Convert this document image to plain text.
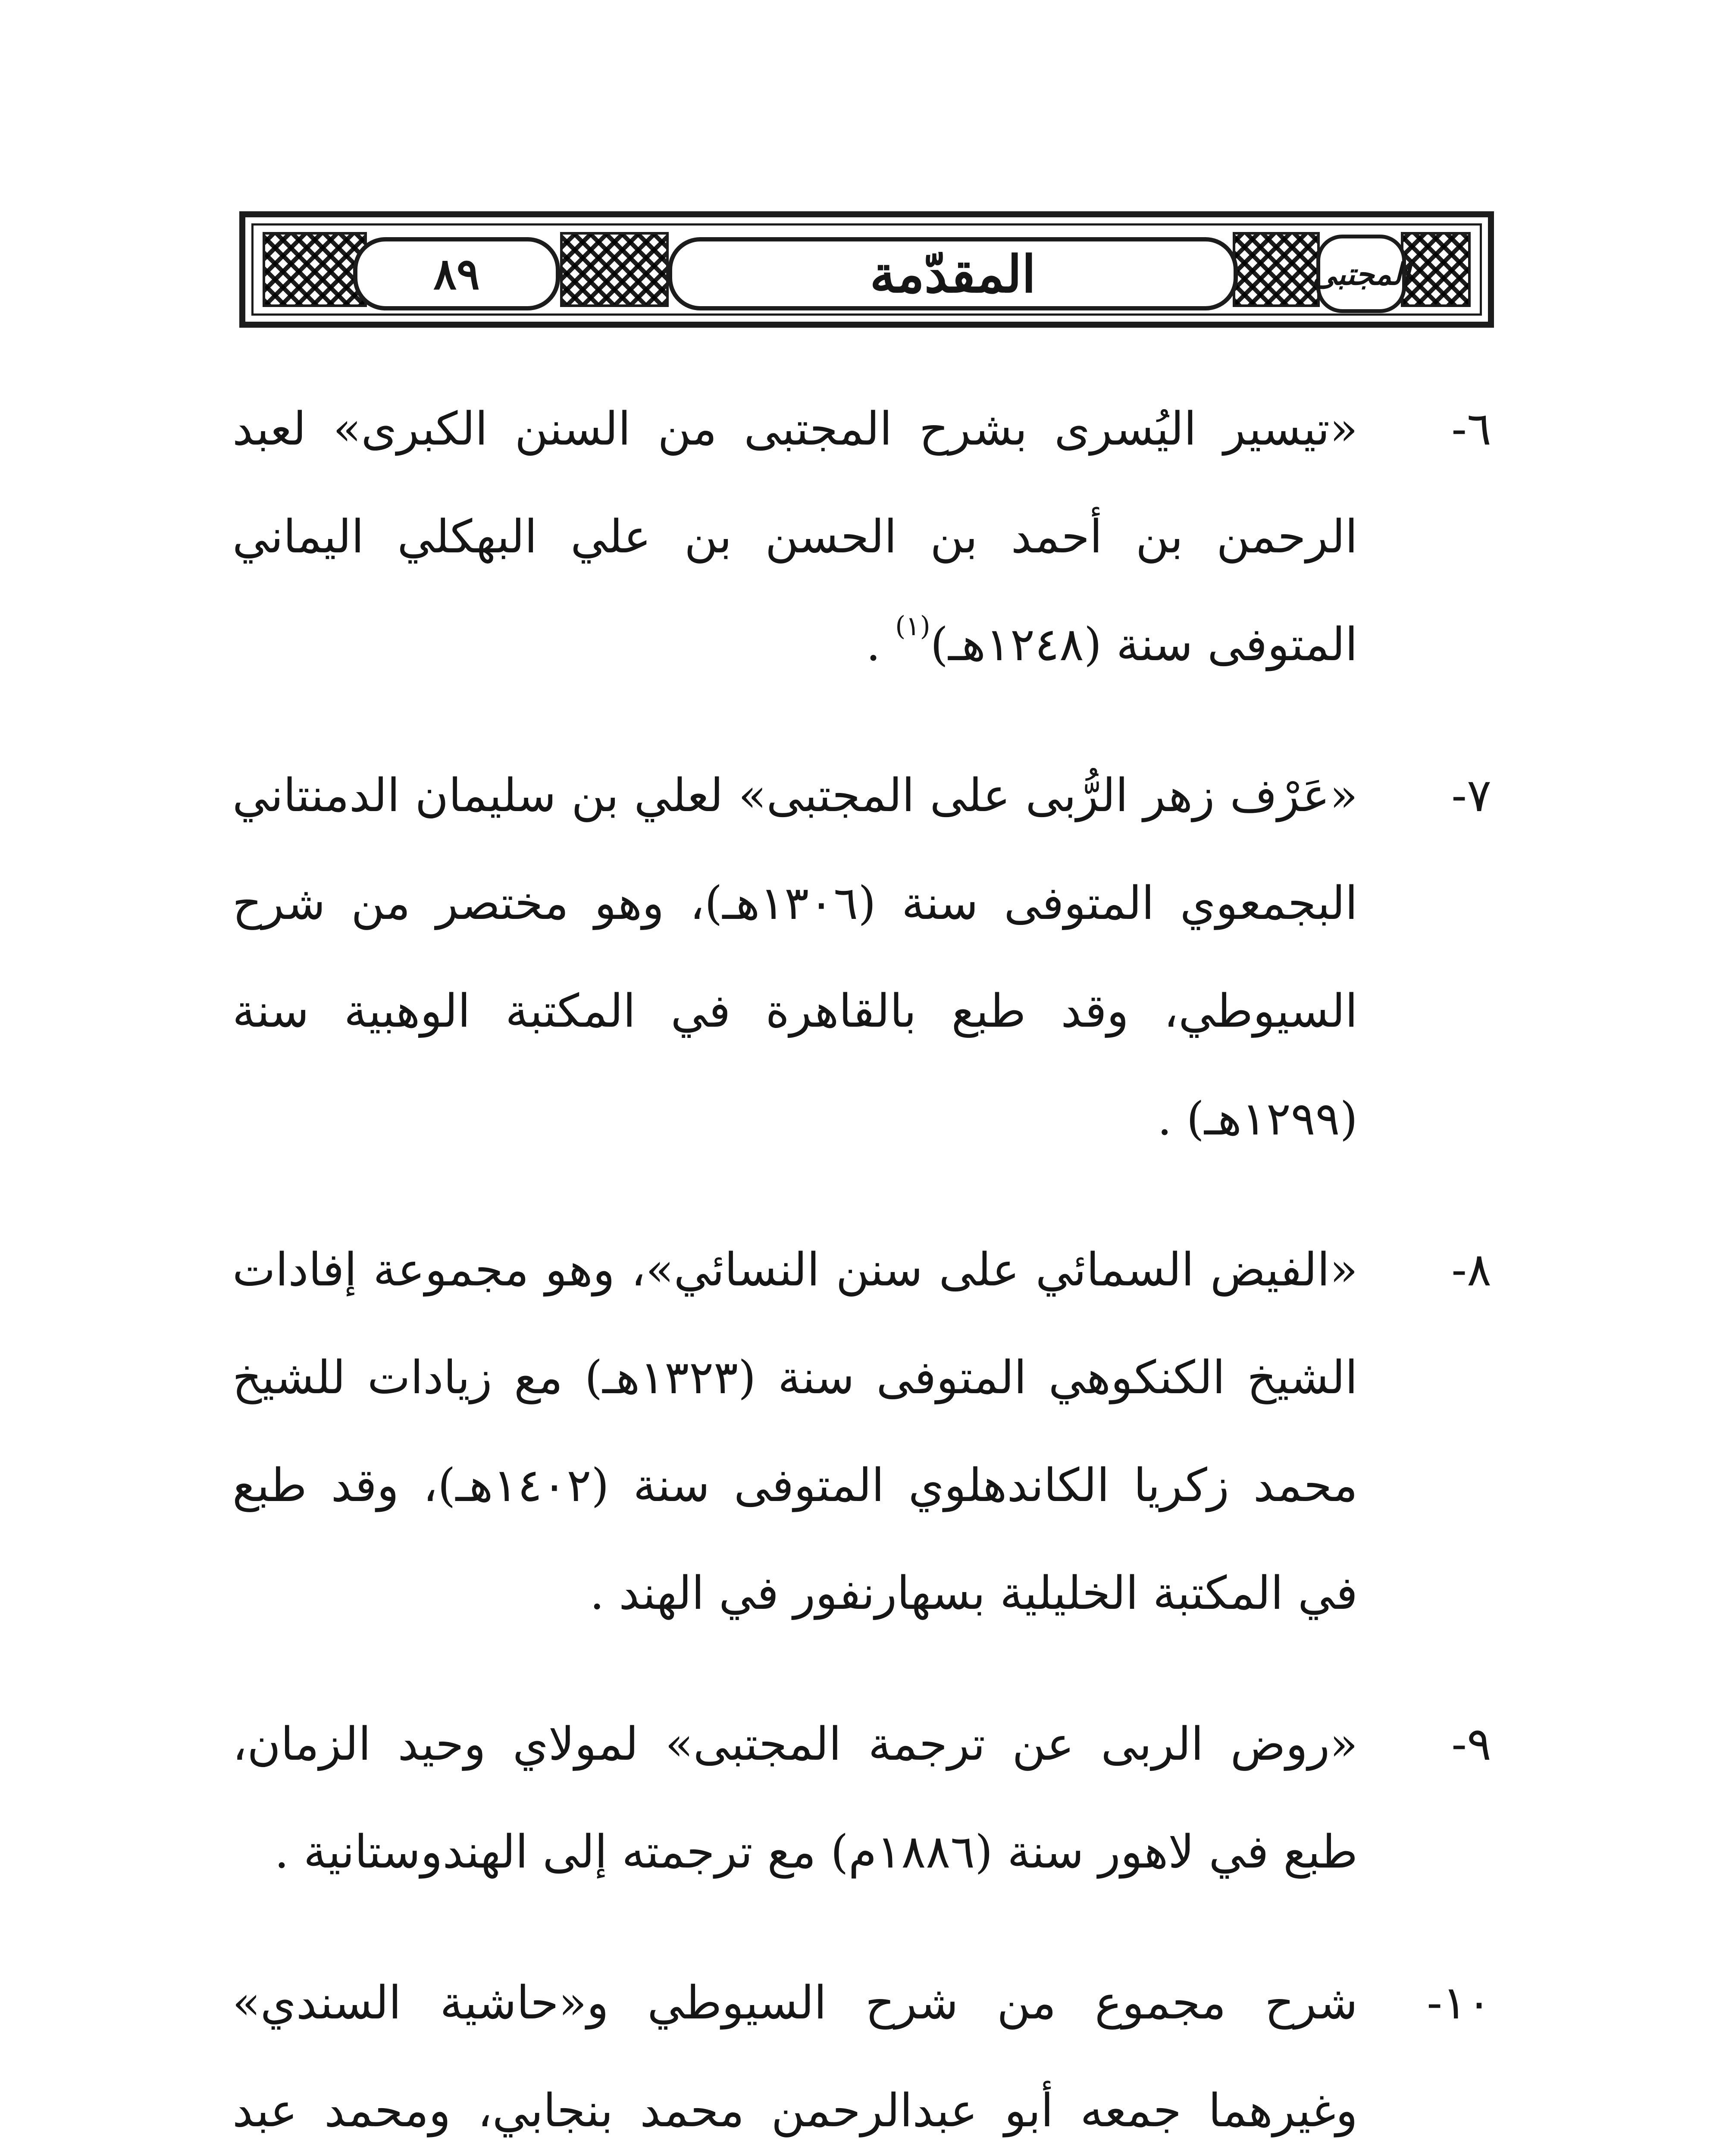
٨٩	المقدّمة	المجتبى
٦-
«تيسير اليُسرى بشرح المجتبى من السنن الكبرى» لعبد الرحمن بن أحمد بن الحسن بن علي البهكلي اليماني المتوفى سنة (١٢٤٨هـ)$^{(١)}$ .
٧-
«عَرْف زهر الرُّبى على المجتبى» لعلي بن سليمان الدمنتاني البجمعوي المتوفى سنة (١٣٠٦هـ)، وهو مختصر من شرح السيوطي، وقد طبع بالقاهرة في المكتبة الوهبية سنة (١٢٩٩هـ) .
٨-
«الفيض السمائي على سنن النسائي»، وهو مجموعة إفادات الشيخ الكنكوهي المتوفى سنة (١٣٢٣هـ) مع زيادات للشيخ محمد زكريا الكاندهلوي المتوفى سنة (١٤٠٢هـ)، وقد طبع في المكتبة الخليلية بسهارنفور في الهند .
٩-
«روض الربى عن ترجمة المجتبى» لمولاي وحيد الزمان، طبع في لاهور سنة (١٨٨٦م) مع ترجمته إلى الهندوستانية .
١٠-
شرح مجموع من شرح السيوطي و«حاشية السندي» وغيرهما جمعه أبو عبدالرحمن محمد بنجابي، ومحمد عبد
